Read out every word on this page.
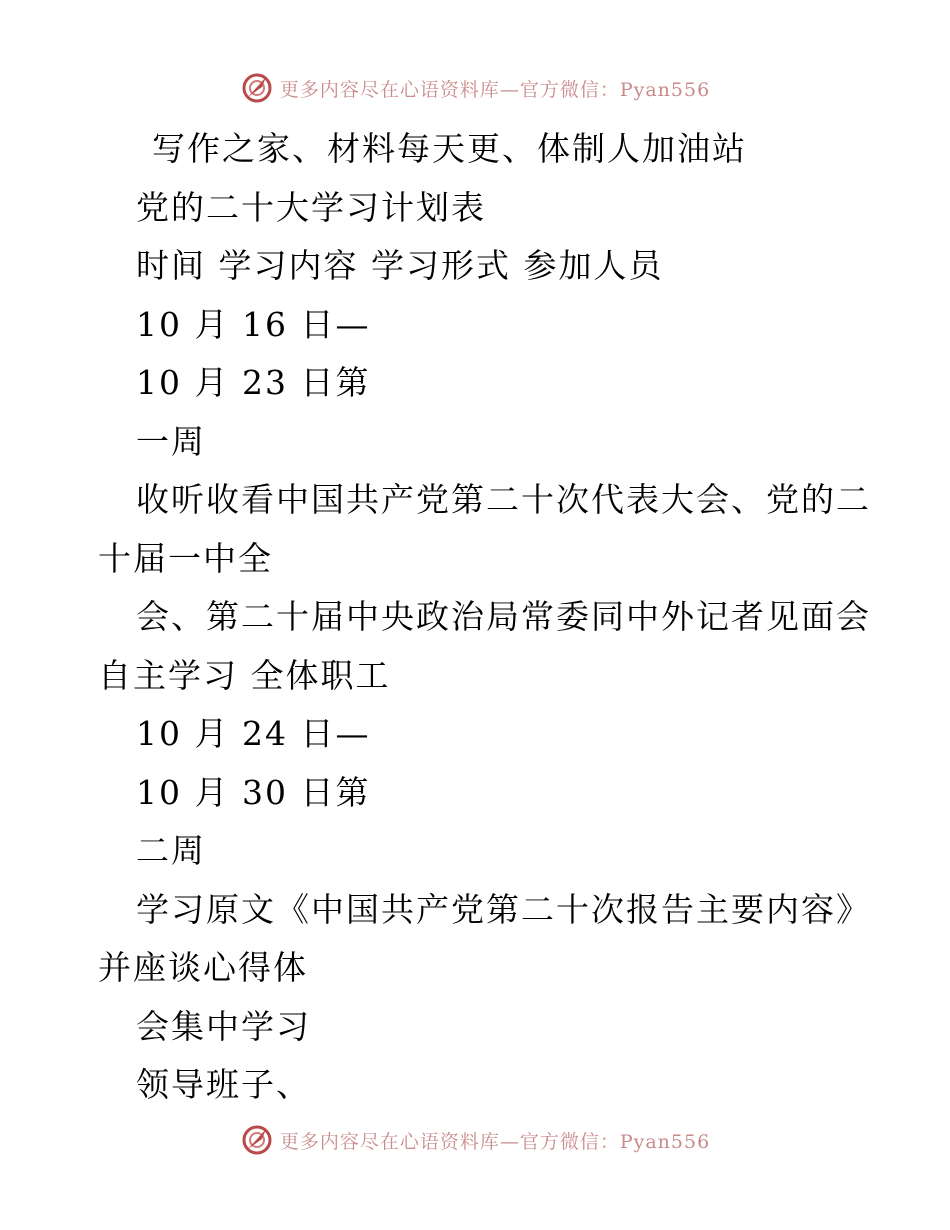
更多内容尽在心语资料库—官方微信：Pyan556
写作之家、材料每天更、体制人加油站
党的二十大学习计划表
时间 学习内容 学习形式 参加人员
10 月 16 日—
10 月 23 日第
一周
收听收看中国共产党第二十次代表大会、党的二
十届一中全
会、第二十届中央政治局常委同中外记者见面会
自主学习 全体职工
10 月 24 日—
10 月 30 日第
二周
学习原文《中国共产党第二十次报告主要内容》
并座谈心得体
会集中学习
领导班子、
更多内容尽在心语资料库—官方微信：Pyan556
